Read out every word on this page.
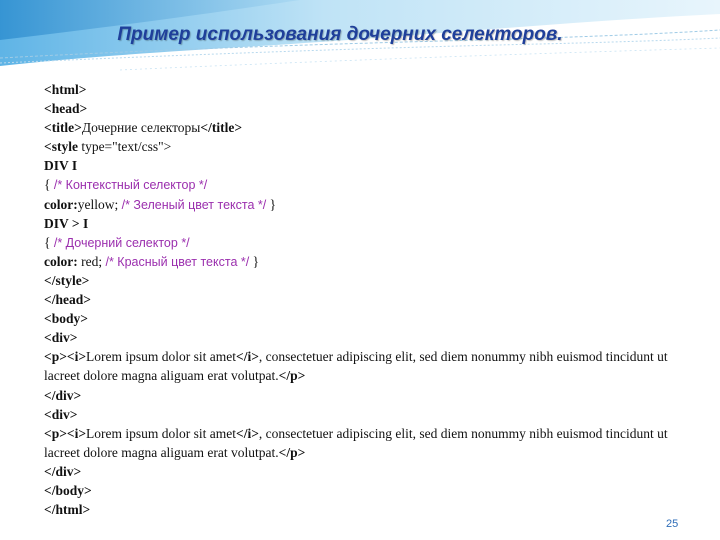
Пример использования дочерних селекторов.
<html>
<head>
<title>Дочерние селекторы</title>
<style type="text/css">
DIV I
{ /* Контекстный селектор */
color:yellow; /* Зеленый цвет текста */ }
DIV > I
{ /* Дочерний селектор */
color: red; /* Красный цвет текста */ }
</style>
</head>
<body>
<div>
<p><i>Lorem ipsum dolor sit amet</i>, consectetuer adipiscing elit, sed diem nonummy nibh euismod tincidunt ut lacreet dolore magna aliguam erat volutpat.</p>
</div>
<div>
<p><i>Lorem ipsum dolor sit amet</i>, consectetuer adipiscing elit, sed diem nonummy nibh euismod tincidunt ut lacreet dolore magna aliguam erat volutpat.</p>
</div>
</body>
</html>
25
